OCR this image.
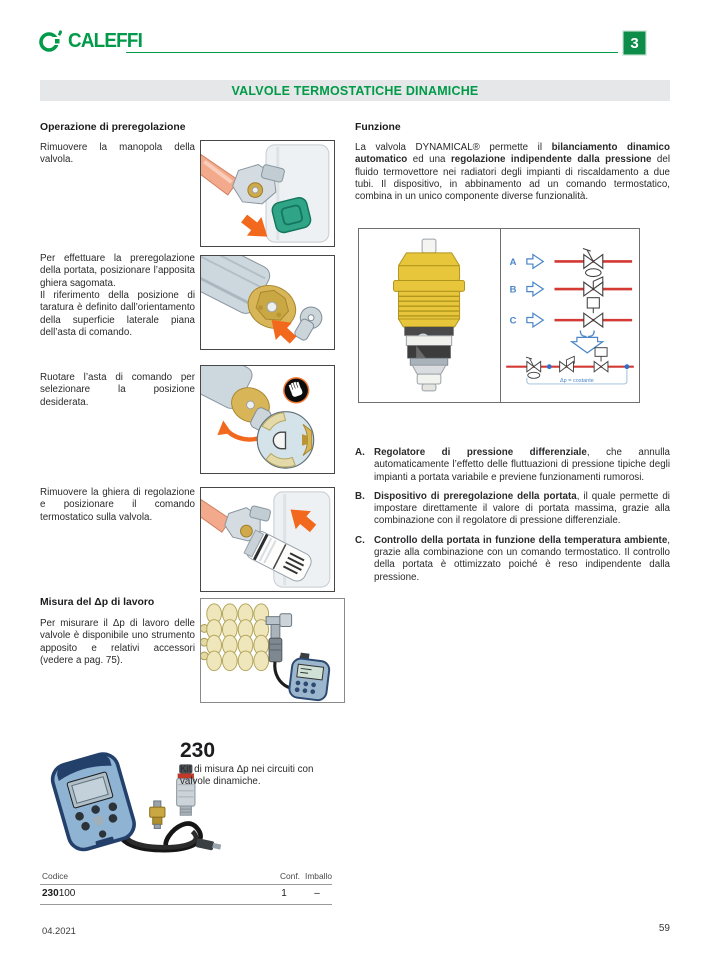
CALEFFI	3
VALVOLE TERMOSTATICHE DINAMICHE
Operazione di preregolazione

Rimuovere la manopola della valvola.

Per effettuare la preregolazione della portata, posizionare l’apposita ghiera sagomata.

Il riferimento della posizione di taratura è definito dall’orientamento della superficie laterale piana dell’asta di comando.

Ruotare l’asta di comando per selezionare la posizione desiderata.

Rimuovere la ghiera di regolazione e posizionare il comando termostatico sulla valvola.

Misura del Δp di lavoro

Per misurare il Δp di lavoro delle valvole è disponibile uno strumento apposito e relativi accessori (vedere a pag. 75).

Funzione

La valvola DYNAMICAL® permette il bilanciamento dinamico automatico ed una regolazione indipendente dalla pressione del fluido termovettore nei radiatori degli impianti di riscaldamento a due tubi. Il dispositivo, in abbinamento ad un comando termostatico, combina in un unico componente diverse funzionalità.

A
B
C
Δp = costante
A. Regolatore di pressione differenziale, che annulla automaticamente l’effetto delle fluttuazioni di pressione tipiche degli impianti a portata variabile e previene funzionamenti rumorosi.

B. Dispositivo di preregolazione della portata, il quale permette di impostare direttamente il valore di portata massima, grazie alla combinazione con il regolatore di pressione differenziale.

C. Controllo della portata in funzione della temperatura ambiente, grazie alla combinazione con un comando termostatico. Il controllo della portata è ottimizzato poiché è reso indipendente dalla pressione.

230

Kit di misura Δp nei circuiti con valvole dinamiche.

Codice	Conf. Imballo
230100	1	–
04.2021	59
